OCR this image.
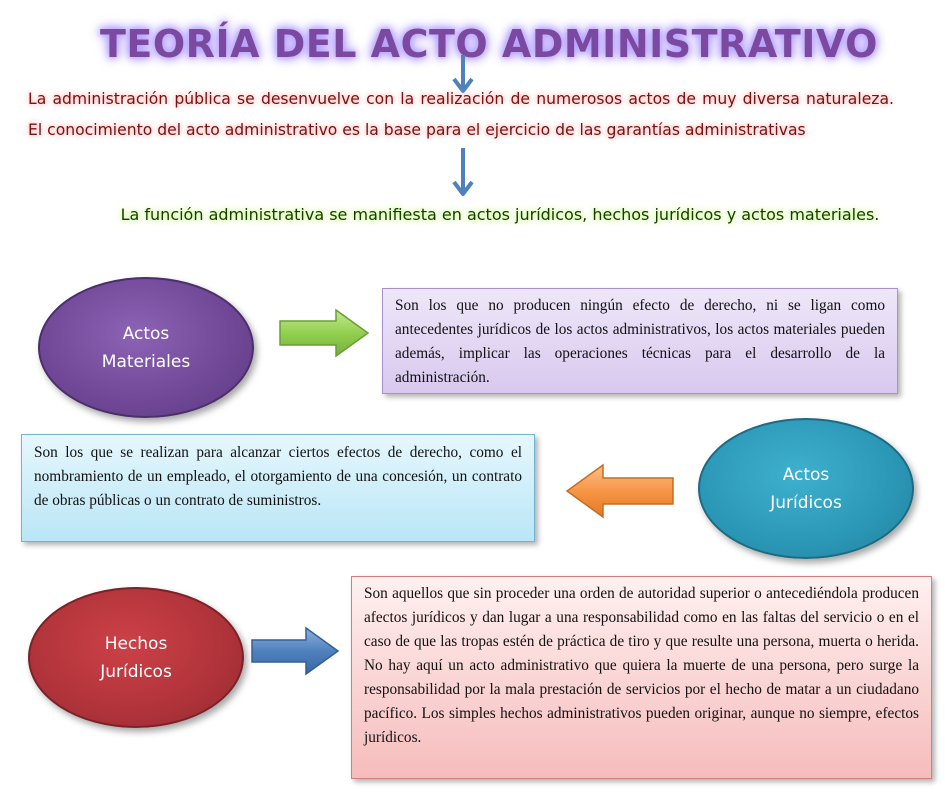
TEORÍA DEL ACTO ADMINISTRATIVO
La administración pública se desenvuelve con la realización de numerosos actos de muy diversa naturaleza. El conocimiento del acto administrativo es la base para el ejercicio de las garantías administrativas
La función administrativa se manifiesta en actos jurídicos, hechos jurídicos y actos materiales.
Actos
Materiales
Son los que no producen ningún efecto de derecho, ni se ligan como antecedentes jurídicos de los actos administrativos, los actos materiales pueden además, implicar las operaciones técnicas para el desarrollo de la administración.
Son los que se realizan para alcanzar ciertos efectos de derecho, como el nombramiento de un empleado, el otorgamiento de una concesión, un contrato de obras públicas o un contrato de suministros.
Actos
Jurídicos
Hechos
Jurídicos
Son aquellos que sin proceder una orden de autoridad superior o antecediéndola producen afectos jurídicos y dan lugar a una responsabilidad como en las faltas del servicio o en el caso de que las tropas estén de práctica de tiro y que resulte una persona, muerta o herida. No hay aquí un acto administrativo que quiera la muerte de una persona, pero surge la responsabilidad por la mala prestación de servicios por el hecho de matar a un ciudadano pacífico. Los simples hechos administrativos pueden originar, aunque no siempre, efectos jurídicos.
